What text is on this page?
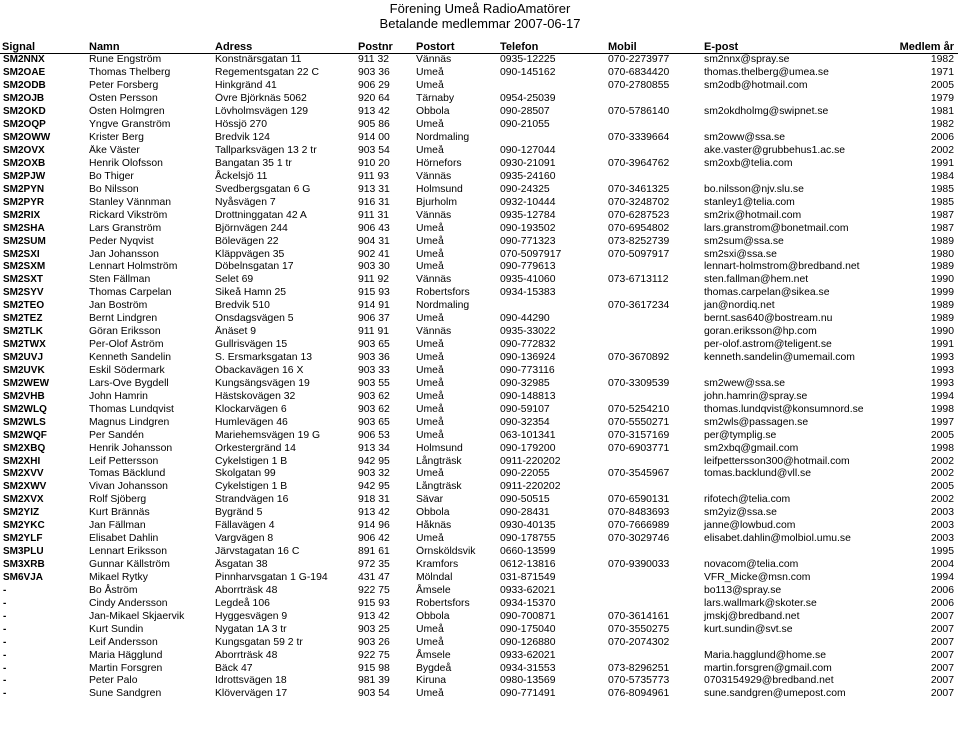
Förening Umeå RadioAmatörer
Betalande medlemmar 2007-06-17
Signal	Namn	Adress	Postnr	Postort	Telefon	Mobil	E-post	Medlem år
SM2NNX	Rune Engström	Konstnärsgatan 11	911 32	Vännäs	0935-12225	070-2273977	sm2nnx@spray.se	1982
SM2OAE	Thomas Thelberg	Regementsgatan 22 C	903 36	Umeå	090-145162	070-6834420	thomas.thelberg@umea.se	1971
SM2ODB	Peter Forsberg	Hinkgränd 41	906 29	Umeå		070-2780855	sm2odb@hotmail.com	2005
SM2OJB	Östen Persson	Övre Björknäs 5062	920 64	Tärnaby	0954-25039			1979
SM2OKD	Östen Holmgren	Lövholmsvägen 129	913 42	Obbola	090-28507	070-5786140	sm2okdholmg@swipnet.se	1981
SM2OQP	Yngve Granström	Hössjö 270	905 86	Umeå	090-21055			1982
SM2OWW	Krister Berg	Bredvik 124	914 00	Nordmaling		070-3339664	sm2oww@ssa.se	2006
SM2OVX	Åke Väster	Tallparksvägen 13 2 tr	903 54	Umeå	090-127044		ake.vaster@grubbehus1.ac.se	2002
SM2OXB	Henrik Olofsson	Bangatan 35 1 tr	910 20	Hörnefors	0930-21091	070-3964762	sm2oxb@telia.com	1991
SM2PJW	Bo Thiger	Åckelsjö 11	911 93	Vännäs	0935-24160			1984
SM2PYN	Bo Nilsson	Svedbergsgatan 6 G	913 31	Holmsund	090-24325	070-3461325	bo.nilsson@njv.slu.se	1985
SM2PYR	Stanley Vännman	Nyåsvägen 7	916 31	Bjurholm	0932-10444	070-3248702	stanley1@telia.com	1985
SM2RIX	Rickard Vikström	Drottninggatan 42 A	911 31	Vännäs	0935-12784	070-6287523	sm2rix@hotmail.com	1987
SM2SHA	Lars Granström	Björnvägen 244	906 43	Umeå	090-193502	070-6954802	lars.granstrom@bonetmail.com	1987
SM2SUM	Peder Nyqvist	Bölevägen 22	904 31	Umeå	090-771323	073-8252739	sm2sum@ssa.se	1989
SM2SXI	Jan Johansson	Kläppvägen 35	902 41	Umeå	070-5097917	070-5097917	sm2sxi@ssa.se	1980
SM2SXM	Lennart Holmström	Döbelnsgatan 17	903 30	Umeå	090-779613		lennart-holmstrom@bredband.net	1989
SM2SXT	Sten Fällman	Selet 69	911 92	Vännäs	0935-41060	073-6713112	sten.fallman@hem.net	1990
SM2SYV	Thomas Carpelan	Sikeå Hamn 25	915 93	Robertsfors	0934-15383		thomas.carpelan@sikea.se	1999
SM2TEO	Jan Boström	Bredvik 510	914 91	Nordmaling		070-3617234	jan@nordiq.net	1989
SM2TEZ	Bernt Lindgren	Onsdagsvägen 5	906 37	Umeå	090-44290		bernt.sas640@bostream.nu	1989
SM2TLK	Göran Eriksson	Ånäset 9	911 91	Vännäs	0935-33022		goran.eriksson@hp.com	1990
SM2TWX	Per-Olof Åström	Gullrisvägen 15	903 65	Umeå	090-772832		per-olof.astrom@teligent.se	1991
SM2UVJ	Kenneth Sandelin	S. Ersmarksgatan 13	903 36	Umeå	090-136924	070-3670892	kenneth.sandelin@umemail.com	1993
SM2UVK	Eskil Södermark	Öbackavägen 16 X	903 33	Umeå	090-773116			1993
SM2WEW	Lars-Ove Bygdell	Kungsängsvägen 19	903 55	Umeå	090-32985	070-3309539	sm2wew@ssa.se	1993
SM2VHB	John Hamrin	Hästskovägen 32	903 62	Umeå	090-148813		john.hamrin@spray.se	1994
SM2WLQ	Thomas Lundqvist	Klockarvägen 6	903 62	Umeå	090-59107	070-5254210	thomas.lundqvist@konsumnord.se	1998
SM2WLS	Magnus Lindgren	Humlevägen 46	903 65	Umeå	090-32354	070-5550271	sm2wls@passagen.se	1997
SM2WQF	Per Sandén	Mariehemsvägen 19 G	906 53	Umeå	063-101341	070-3157169	per@tymplig.se	2005
SM2XBQ	Henrik Johansson	Orkestergränd 14	913 34	Holmsund	090-179200	070-6903771	sm2xbq@gmail.com	1998
SM2XHI	Leif Pettersson	Cykelstigen 1 B	942 95	Långträsk	0911-220202		leifpettersson300@hotmail.com	2002
SM2XVV	Tomas Bäcklund	Skolgatan 99	903 32	Umeå	090-22055	070-3545967	tomas.backlund@vll.se	2002
SM2XWV	Vivan Johansson	Cykelstigen 1 B	942 95	Långträsk	0911-220202			2005
SM2XVX	Rolf Sjöberg	Strandvägen 16	918 31	Sävar	090-50515	070-6590131	rifotech@telia.com	2002
SM2YIZ	Kurt Brännäs	Bygränd 5	913 42	Obbola	090-28431	070-8483693	sm2yiz@ssa.se	2003
SM2YKC	Jan Fällman	Fällavägen 4	914 96	Håknäs	0930-40135	070-7666989	janne@lowbud.com	2003
SM2YLF	Elisabet Dahlin	Vargvägen 8	906 42	Umeå	090-178755	070-3029746	elisabet.dahlin@molbiol.umu.se	2003
SM3PLU	Lennart Eriksson	Järvstagatan 16 C	891 61	Örnsköldsvik	0660-13599			1995
SM3XRB	Gunnar Källström	Åsgatan 38	972 35	Kramfors	0612-13816	070-9390033	novacom@telia.com	2004
SM6VJA	Mikael Rytky	Pinnharvsgatan 1 G-194	431 47	Mölndal	031-871549		VFR_Micke@msn.com	1994
-	Bo Åström	Aborrträsk 48	922 75	Åmsele	0933-62021		bo113@spray.se	2006
-	Cindy Andersson	Legdeå 106	915 93	Robertsfors	0934-15370		lars.wallmark@skoter.se	2006
-	Jan-Mikael Skjaervik	Hyggesvägen 9	913 42	Obbola	090-700871	070-3614161	jmskj@bredband.net	2007
-	Kurt Sundin	Nygatan 1A 3 tr	903 25	Umeå	090-175040	070-3550275	kurt.sundin@svt.se	2007
-	Leif Andersson	Kungsgatan 59 2 tr	903 26	Umeå	090-126880	070-2074302		2007
-	Maria Hägglund	Aborrträsk 48	922 75	Åmsele	0933-62021		Maria.hagglund@home.se	2007
-	Martin Forsgren	Bäck 47	915 98	Bygdeå	0934-31553	073-8296251	martin.forsgren@gmail.com	2007
-	Peter Palo	Idrottsvägen 18	981 39	Kiruna	0980-13569	070-5735773	0703154929@bredband.net	2007
-	Sune Sandgren	Klövervägen 17	903 54	Umeå	090-771491	076-8094961	sune.sandgren@umepost.com	2007
